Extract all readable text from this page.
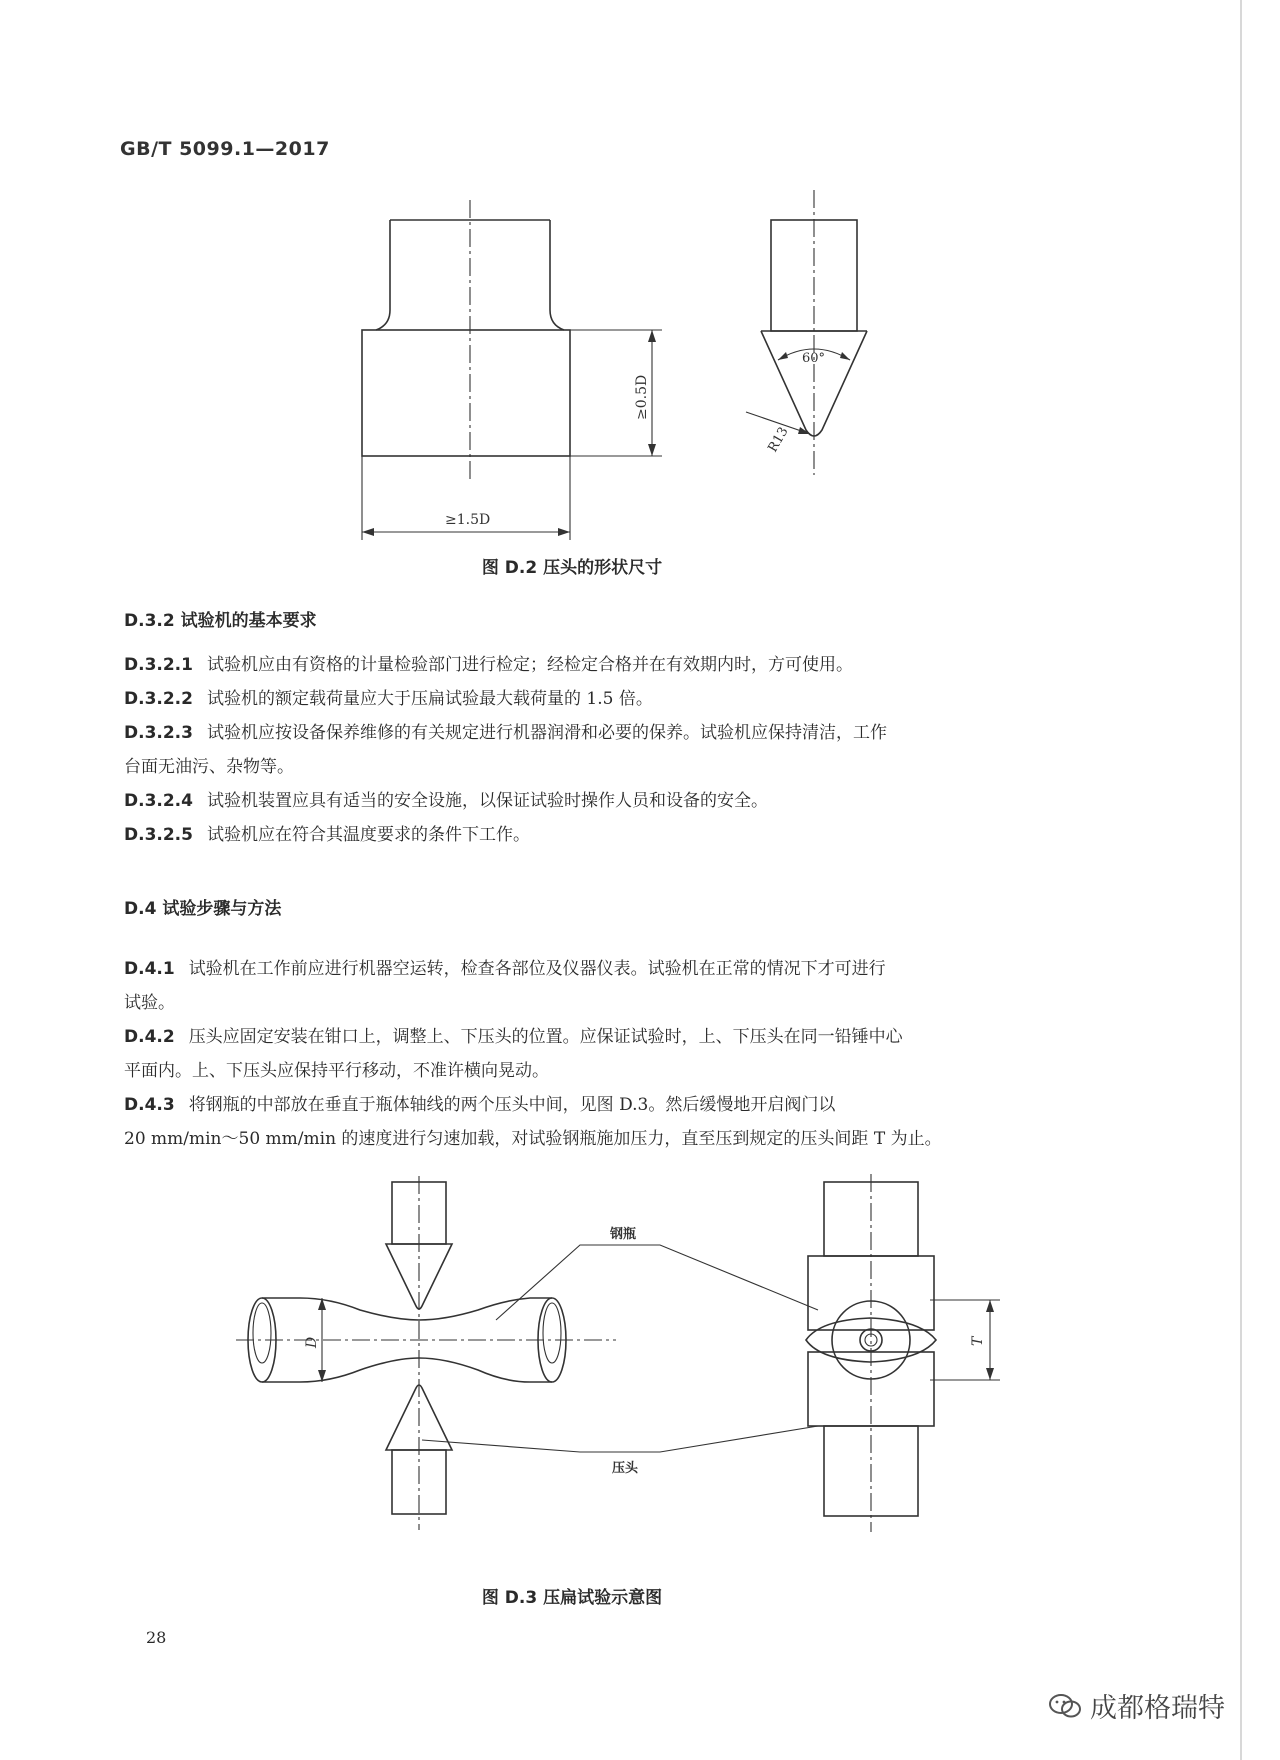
GB/T 5099.1—2017
≥0.5D
≥1.5D
60°
R13
图 D.2 压头的形状尺寸
D.3.2 试验机的基本要求
D.3.2.1 试验机应由有资格的计量检验部门进行检定；经检定合格并在有效期内时，方可使用。
D.3.2.2 试验机的额定载荷量应大于压扁试验最大载荷量的 1.5 倍。
D.3.2.3 试验机应按设备保养维修的有关规定进行机器润滑和必要的保养。试验机应保持清洁，工作
台面无油污、杂物等。
D.3.2.4 试验机装置应具有适当的安全设施，以保证试验时操作人员和设备的安全。
D.3.2.5 试验机应在符合其温度要求的条件下工作。
D.4 试验步骤与方法
D.4.1 试验机在工作前应进行机器空运转，检查各部位及仪器仪表。试验机在正常的情况下才可进行
试验。
D.4.2 压头应固定安装在钳口上，调整上、下压头的位置。应保证试验时，上、下压头在同一铅锤中心
平面内。上、下压头应保持平行移动，不准许横向晃动。
D.4.3 将钢瓶的中部放在垂直于瓶体轴线的两个压头中间，见图 D.3。然后缓慢地开启阀门以
20 mm/min～50 mm/min 的速度进行匀速加载，对试验钢瓶施加压力，直至压到规定的压头间距 T 为止。
D	T
钢瓶
压头
图 D.3 压扁试验示意图
28
成都格瑞特
